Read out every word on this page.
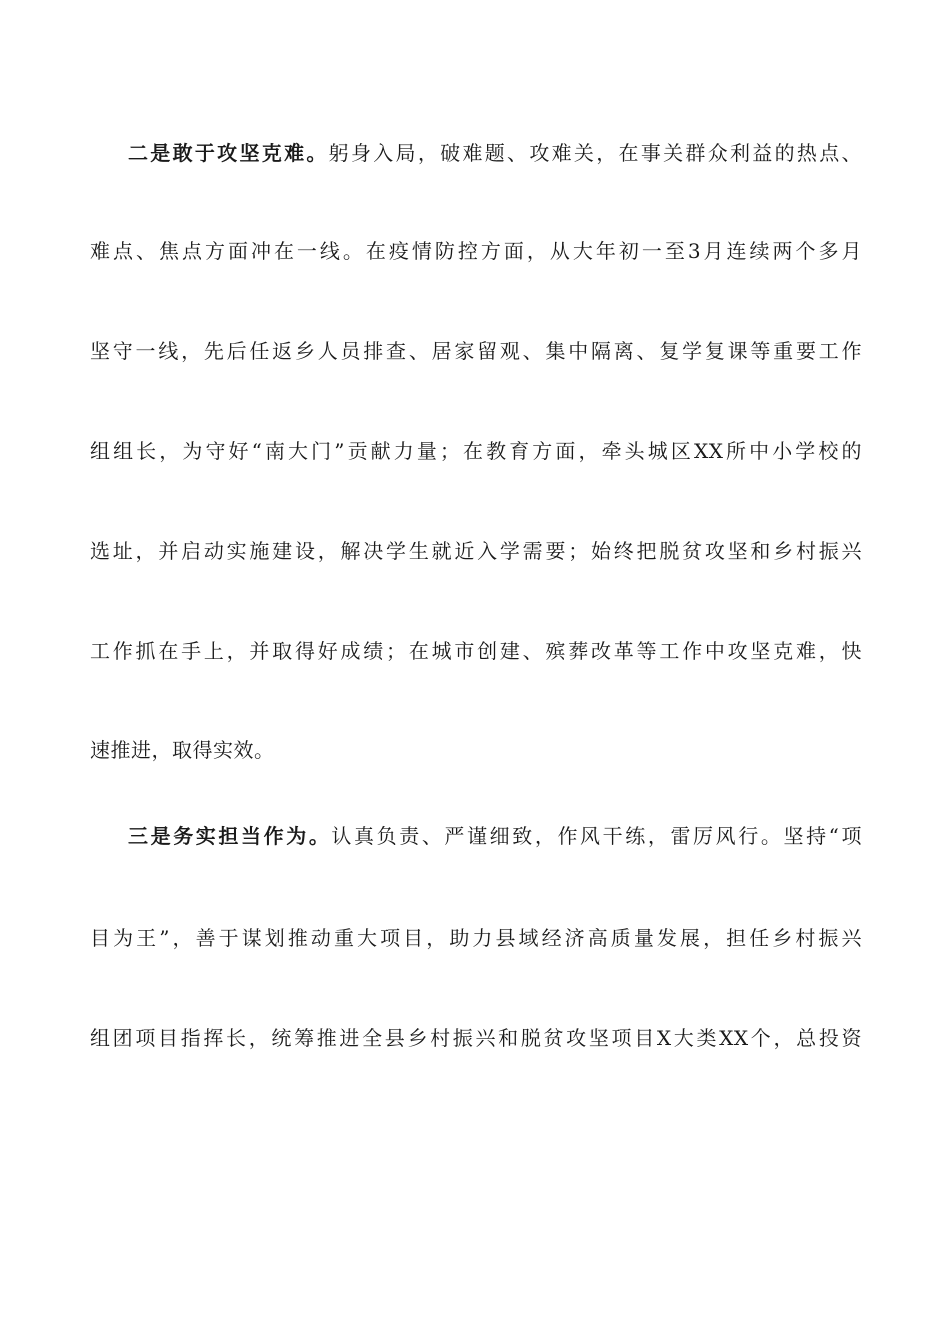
二是敢于攻坚克难。躬身入局，破难题、攻难关，在事关群众利益的热点、
难点、焦点方面冲在一线。在疫情防控方面，从大年初一至3月连续两个多月
坚守一线，先后任返乡人员排查、居家留观、集中隔离、复学复课等重要工作
组组长，为守好“南大门”贡献力量；在教育方面，牵头城区XX所中小学校的
选址，并启动实施建设，解决学生就近入学需要；始终把脱贫攻坚和乡村振兴
工作抓在手上，并取得好成绩；在城市创建、殡葬改革等工作中攻坚克难，快
速推进，取得实效。
三是务实担当作为。认真负责、严谨细致，作风干练，雷厉风行。坚持“项
目为王”，善于谋划推动重大项目，助力县域经济高质量发展，担任乡村振兴
组团项目指挥长，统筹推进全县乡村振兴和脱贫攻坚项目X大类XX个，总投资
